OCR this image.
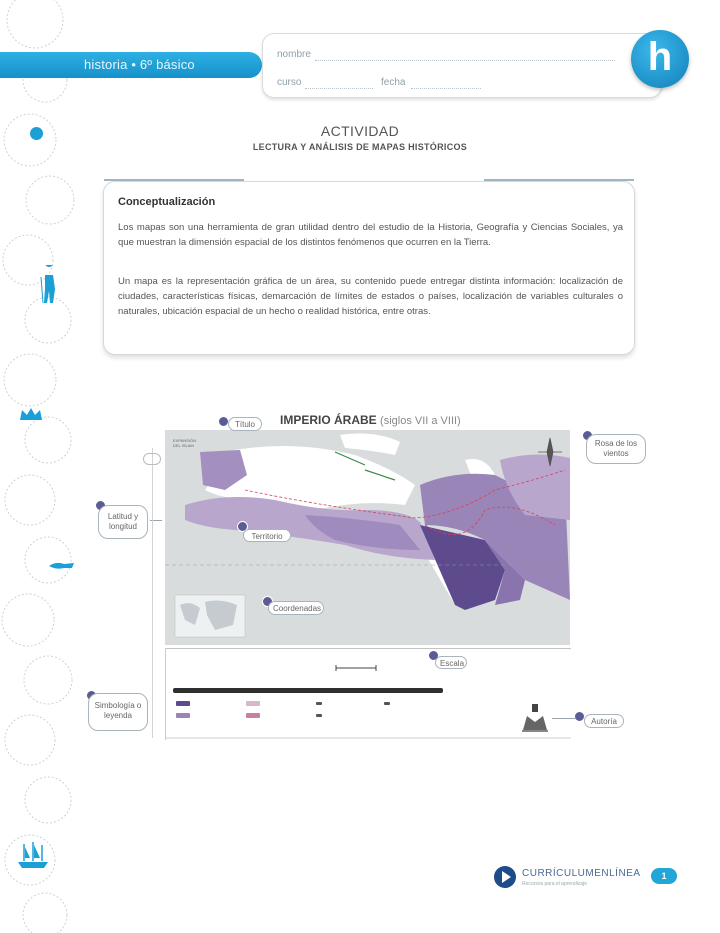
historia • 6º básico
nombre
curso	fecha
h
ACTIVIDAD
LECTURA Y ANÁLISIS DE MAPAS HISTÓRICOS
Conceptualización

Los mapas son una herramienta de gran utilidad dentro del estudio de la Historia, Geografía y Ciencias Sociales, ya que muestran la dimensión espacial de los distintos fenómenos que ocurren en la Tierra.

Un mapa es la representación gráfica de un área, su contenido puede entregar distinta información: localización de ciudades, características físicas, demarcación de límites de estados o países, localización de variables culturales o naturales, ubicación espacial de un hecho o realidad histórica, entre otras.

IMPERIO ÁRABE (siglos VII a VIII)
EXPANSIÓN
DEL ISLAM
Título
Rosa de los vientos
Latitud y longitud
Territorio
Coordenadas
Escala
Simbología o leyenda
Autoría
CURRÍCULUMENLÍNEA
Recursos para el aprendizaje
1
